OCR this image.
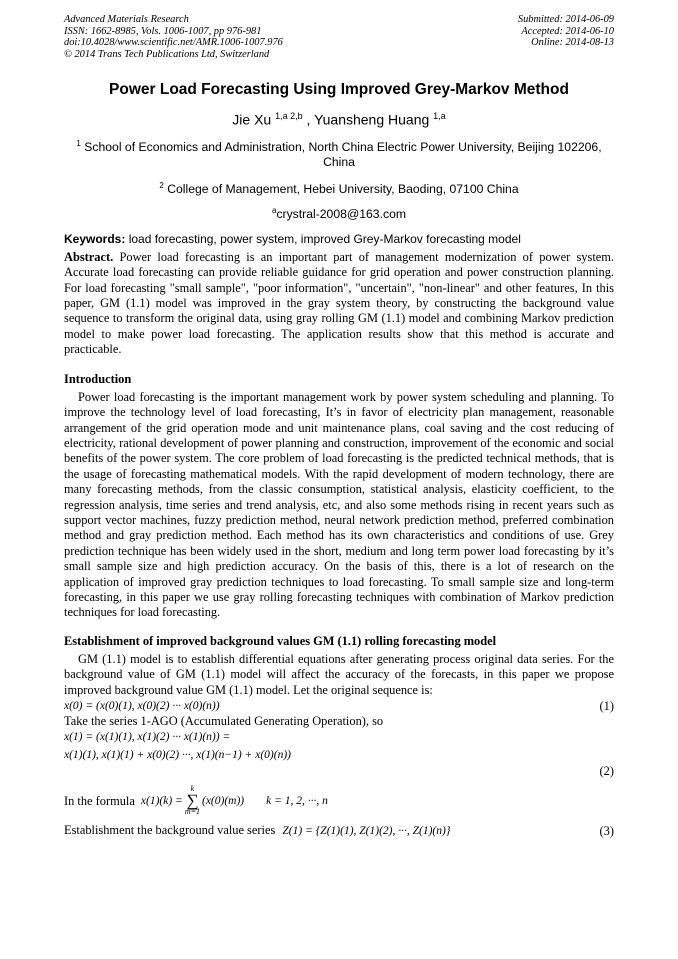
Advanced Materials Research
ISSN: 1662-8985, Vols. 1006-1007, pp 976-981
doi:10.4028/www.scientific.net/AMR.1006-1007.976
© 2014 Trans Tech Publications Ltd, Switzerland
Submitted: 2014-06-09
Accepted: 2014-06-10
Online: 2014-08-13
Power Load Forecasting Using Improved Grey-Markov Method
Jie Xu $^{1,a 2,b}$ , Yuansheng Huang $^{1,a}$
$^1$ School of Economics and Administration, North China Electric Power University, Beijing 102206, China
$^2$ College of Management, Hebei University, Baoding, 07100 China
$^a$crystral-2008@163.com
Keywords: load forecasting, power system, improved Grey-Markov forecasting model
Abstract. Power load forecasting is an important part of management modernization of power system. Accurate load forecasting can provide reliable guidance for grid operation and power construction planning. For load forecasting "small sample", "poor information", "uncertain", "non-linear" and other features, In this paper, GM (1.1) model was improved in the gray system theory, by constructing the background value sequence to transform the original data, using gray rolling GM (1.1) model and combining Markov prediction model to make power load forecasting. The application results show that this method is accurate and practicable.
Introduction
Power load forecasting is the important management work by power system scheduling and planning. To improve the technology level of load forecasting, It’s in favor of electricity plan management, reasonable arrangement of the grid operation mode and unit maintenance plans, coal saving and the cost reducing of electricity, rational development of power planning and construction, improvement of the economic and social benefits of the power system. The core problem of load forecasting is the predicted technical methods, that is the usage of forecasting mathematical models. With the rapid development of modern technology, there are many forecasting methods, from the classic consumption, statistical analysis, elasticity coefficient, to the regression analysis, time series and trend analysis, etc, and also some methods rising in recent years such as support vector machines, fuzzy prediction method, neural network prediction method, preferred combination method and gray prediction method. Each method has its own characteristics and conditions of use. Grey prediction technique has been widely used in the short, medium and long term power load forecasting by it’s small sample size and high prediction accuracy. On the basis of this, there is a lot of research on the application of improved gray prediction techniques to load forecasting. To small sample size and long-term forecasting, in this paper we use gray rolling forecasting techniques with combination of Markov prediction techniques for load forecasting.
Establishment of improved background values GM (1.1) rolling forecasting model
GM (1.1) model is to establish differential equations after generating process original data series. For the background value of GM (1.1) model will affect the accuracy of the forecasts, in this paper we propose improved background value GM (1.1) model. Let the original sequence is:
x(0) = (x(0)(1), x(0)(2) ··· x(0)(n))	(1)
Take the series 1-AGO (Accumulated Generating Operation), so
x(1) = (x(1)(1), x(1)(2) ··· x(1)(n)) =
x(1)(1), x(1)(1) + x(0)(2) ···, x(1)(n−1) + x(0)(n))
(2)
In the formula x(1)(k) =
k
∑
m=1
(x(0)(m)) k = 1, 2, ···, n
Establishment the background value series Z(1) = {Z(1)(1), Z(1)(2), ···, Z(1)(n)}	(3)
